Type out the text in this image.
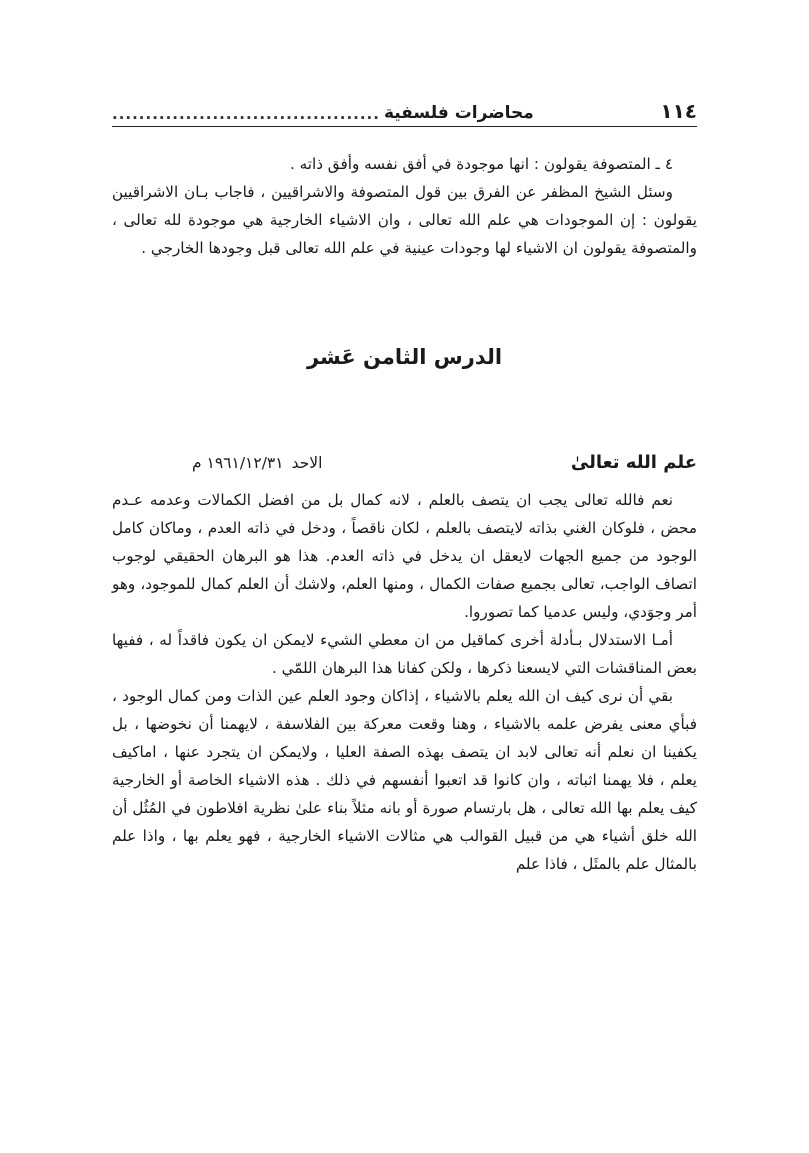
١١٤
محاضرات فلسفية
........................................

٤ ـ المتصوفة يقولون : انها موجودة في أفق نفسه وأفق ذاته .

وسئل الشيخ المظفر عن الفرق بين قول المتصوفة والاشراقيين ، فاجاب بـان الاشراقيين يقولون : إن الموجودات هي علم الله تعالى ، وان الاشياء الخارجية هي موجودة لله تعالى ، والمتصوفة يقولون ان الاشياء لها وجودات عينية في علم الله تعالى قبل وجودها الخارجي .

الدرس الثامن عَشر
علم الله تعالىٰ
الاحد
١٩٦١/١٢/٣١ م

نعم فالله تعالى يجب ان يتصف بالعلم ، لانه كمال بل من افضل الكمالات وعدمه عـدم محض ، فلوكان الغني بذاته لايتصف بالعلم ، لكان ناقصاً ، ودخل في ذاته العدم ، وماكان كامل الوجود من جميع الجهات لايعقل ان يدخل في ذاته العدم. هذا هو البرهان الحقيقي لوجوب اتصاف الواجب، تعالى بجميع صفات الكمال ، ومنها العلم، ولاشك أن العلم كمال للموجود، وهو أمر وجوَدي، وليس عدميا كما تصوروا.

أمـا الاستدلال بـأدلة أخرى كماقيل من ان معطي الشيء لايمكن ان يكون فاقداً له ، ففيها بعض المناقشات التي لايسعنا ذكرها ، ولكن كفانا هذا البرهان اللمّي .

بقي أن نرى كيف ان الله يعلم بالاشياء ، إذاكان وجود العلم عين الذات ومن كمال الوجود ، فبأي معنى يفرض علمه بالاشياء ، وهنا وقعت معركة بين الفلاسفة ، لايهمنا أن نخوضها ، بل يكفينا ان نعلم أنه تعالى لابد ان يتصف بهذه الصفة العليا ، ولايمكن ان يتجرد عنها ، اماكيف يعلم ، فلا يهمنا اثباته ، وان كانوا قد اتعبوا أنفسهم في ذلك . هذه الاشياء الخاصة أو الخارجية كيف يعلم بها الله تعالى ، هل بارتسام صورة أو بانه مثلاً بناء علىٰ نظرية افلاطون في المُثُل أن الله خلق أشياء هي من قبيل القوالب هي مثالات الاشياء الخارجية ، فهو يعلم بها ، واذا علم بالمثال علم بالمثَل ، فاذا علم
